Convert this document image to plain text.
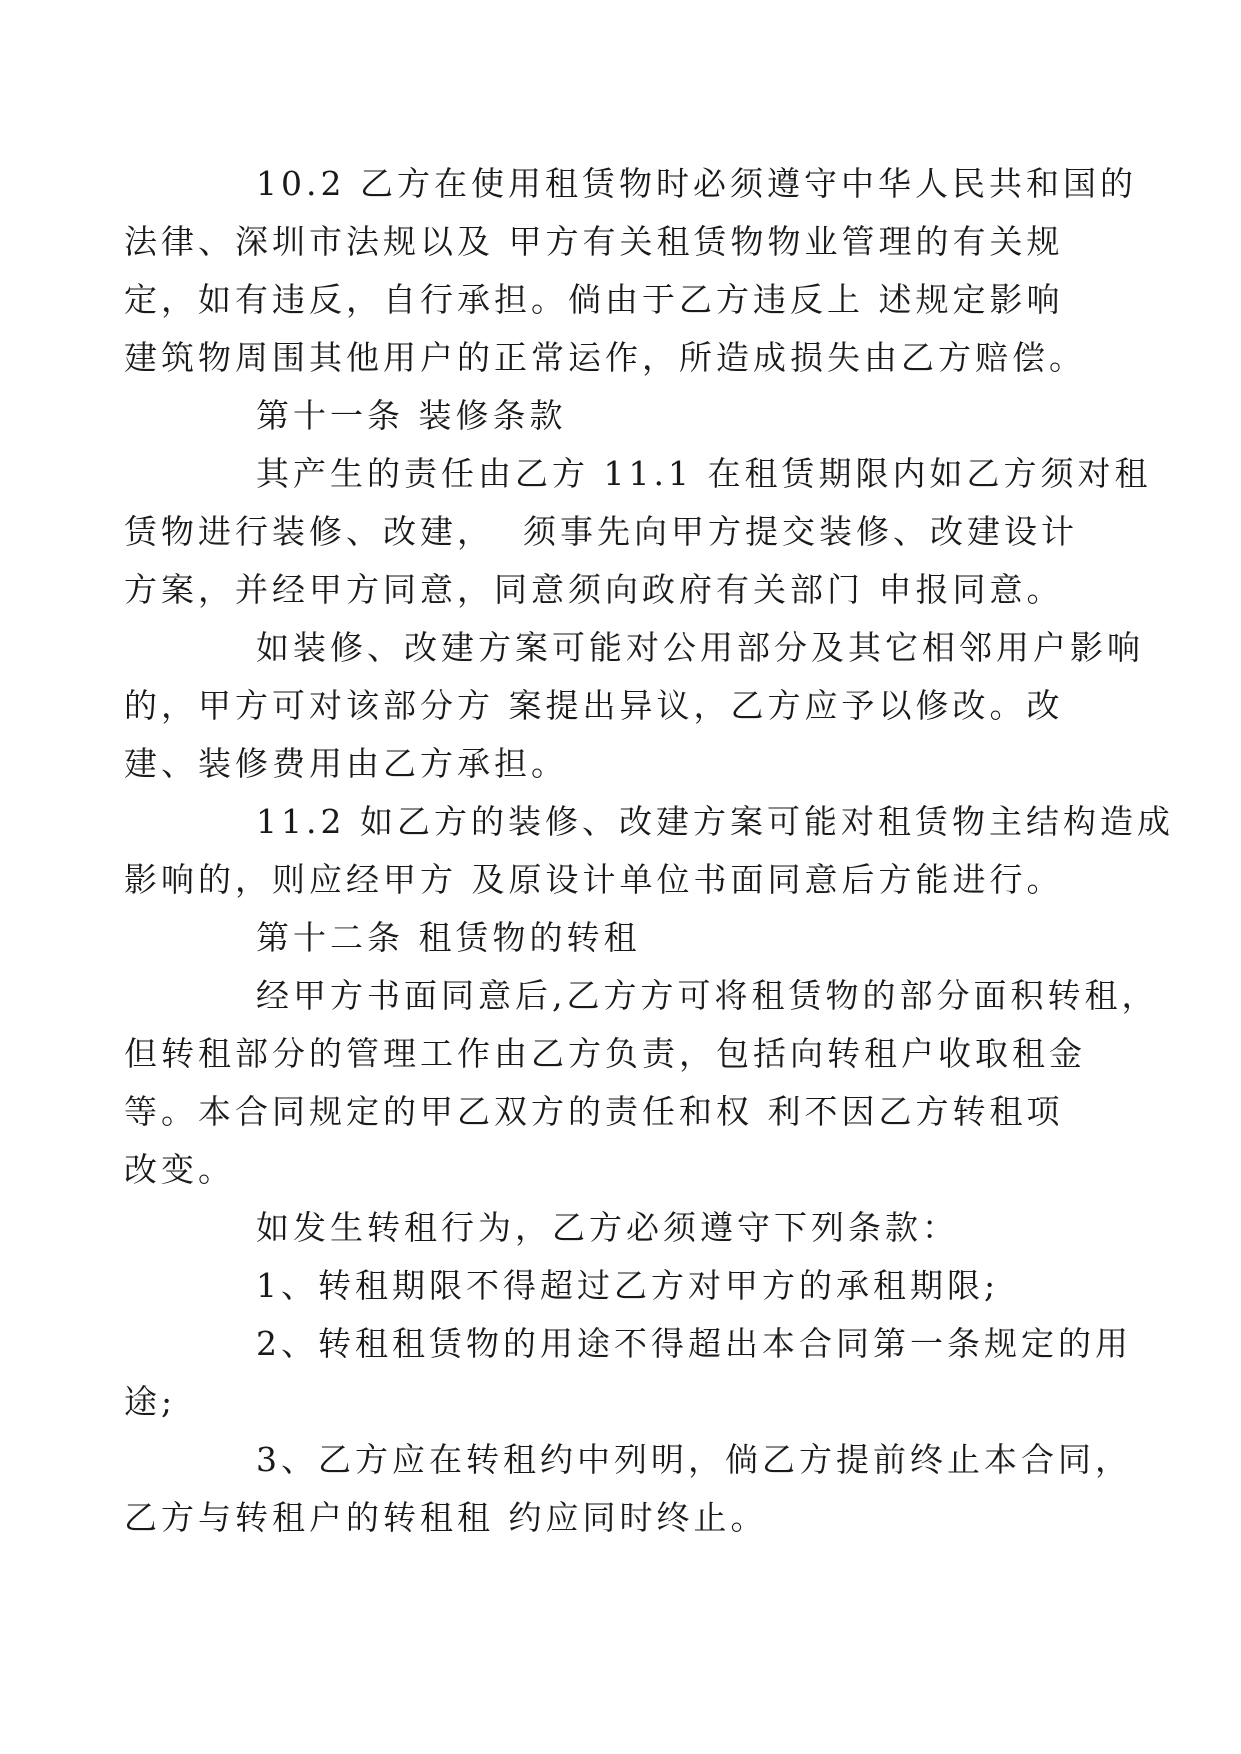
10.2 乙方在使用租赁物时必须遵守中华人民共和国的
法律、深圳市法规以及 甲方有关租赁物物业管理的有关规
定，如有违反，自行承担。倘由于乙方违反上 述规定影响
建筑物周围其他用户的正常运作，所造成损失由乙方赔偿。

第十一条 装修条款

其产生的责任由乙方 11.1 在租赁期限内如乙方须对租
赁物进行装修、改建，  须事先向甲方提交装修、改建设计
方案，并经甲方同意，同意须向政府有关部门 申报同意。

如装修、改建方案可能对公用部分及其它相邻用户影响
的，甲方可对该部分方 案提出异议，乙方应予以修改。改
建、装修费用由乙方承担。

11.2 如乙方的装修、改建方案可能对租赁物主结构造成
影响的，则应经甲方 及原设计单位书面同意后方能进行。

第十二条 租赁物的转租

经甲方书面同意后,乙方方可将租赁物的部分面积转租，
但转租部分的管理工作由乙方负责，包括向转租户收取租金
等。本合同规定的甲乙双方的责任和权 利不因乙方转租项
改变。

如发生转租行为，乙方必须遵守下列条款：

1、转租期限不得超过乙方对甲方的承租期限;

2、转租租赁物的用途不得超出本合同第一条规定的用
途;

3、乙方应在转租约中列明，倘乙方提前终止本合同，
乙方与转租户的转租租 约应同时终止。
